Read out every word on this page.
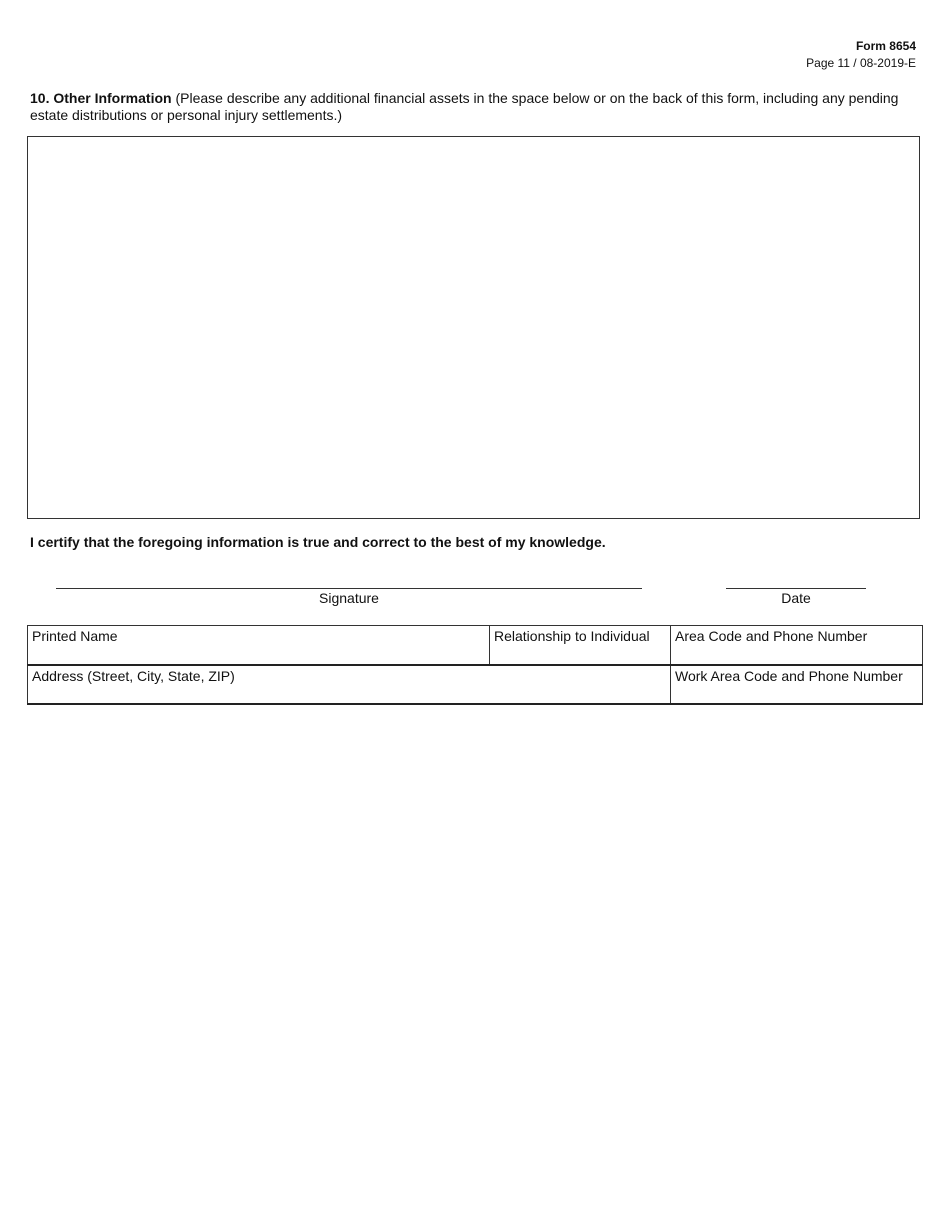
Form 8654
Page 11 / 08-2019-E
10. Other Information (Please describe any additional financial assets in the space below or on the back of this form, including any pending estate distributions or personal injury settlements.)
I certify that the foregoing information is true and correct to the best of my knowledge.
Signature	Date
Printed Name	Relationship to Individual	Area Code and Phone Number

Address (Street, City, State, ZIP)		Work Area Code and Phone Number
